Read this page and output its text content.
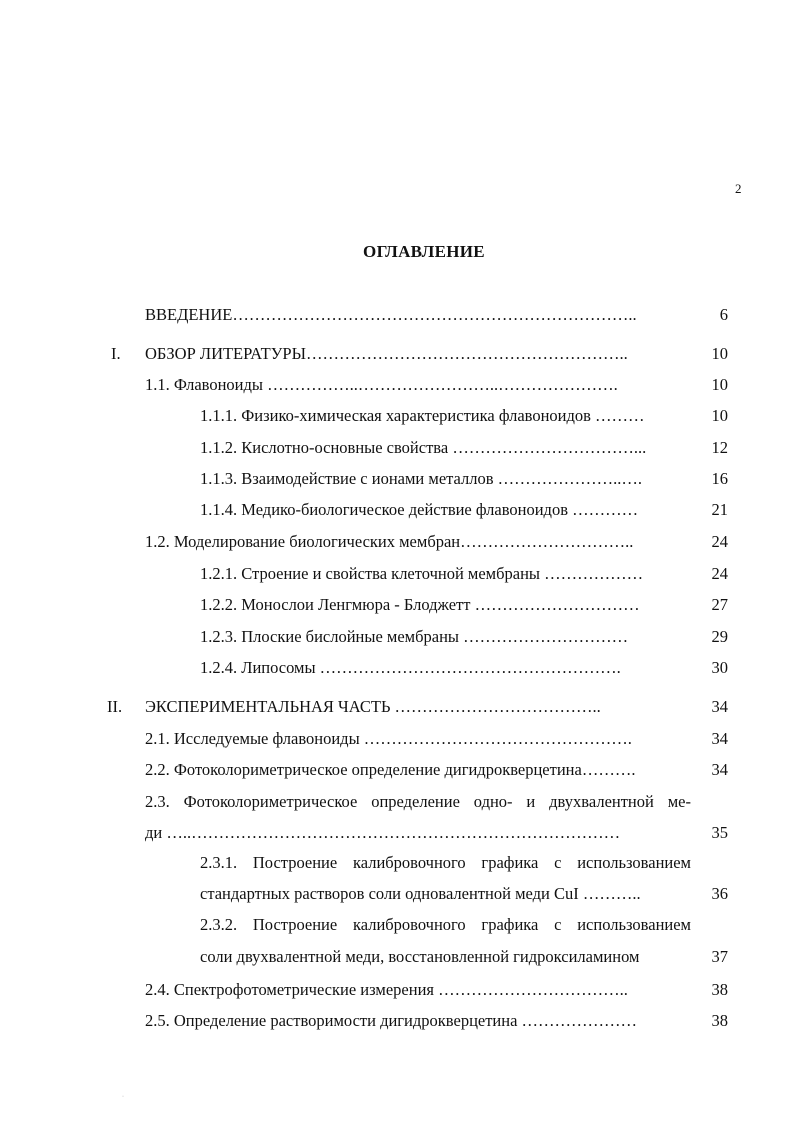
2
ОГЛАВЛЕНИЕ
ВВЕДЕНИЕ………………………………………………………………..	6
I. ОБЗОР ЛИТЕРАТУРЫ…………………………………………………..	10
1.1. Флавоноиды ……………..……………………..………………….	10
1.1.1. Физико-химическая характеристика флавоноидов ………	10
1.1.2. Кислотно-основные свойства ……………………………...	12
1.1.3. Взаимодействие с ионами металлов …………………..….	16
1.1.4. Медико-биологическое действие флавоноидов …………	21
1.2. Моделирование биологических мембран…………………………..	24
1.2.1. Строение и свойства клеточной мембраны ………………	24
1.2.2. Монослои Ленгмюра - Блоджетт …………………………	27
1.2.3. Плоские бислойные мембраны …………………………	29
1.2.4. Липосомы ……………………………………………….	30
II. ЭКСПЕРИМЕНТАЛЬНАЯ ЧАСТЬ ………………………………..	34
2.1. Исследуемые флавоноиды ………………………………………….	34
2.2. Фотоколориметрическое определение дигидрокверцетина……….	34
2.3. Фотоколориметрическое определение одно- и двухвалентной ме-
ди …..……………………………………………………………………	35
2.3.1. Построение калибровочного графика с использованием
стандартных растворов соли одновалентной меди CuI ………..	36
2.3.2. Построение калибровочного графика с использованием
соли двухвалентной меди, восстановленной гидроксиламином	37
2.4. Спектрофотометрические измерения ……………………………..	38
2.5. Определение растворимости дигидрокверцетина …………………	38
·
